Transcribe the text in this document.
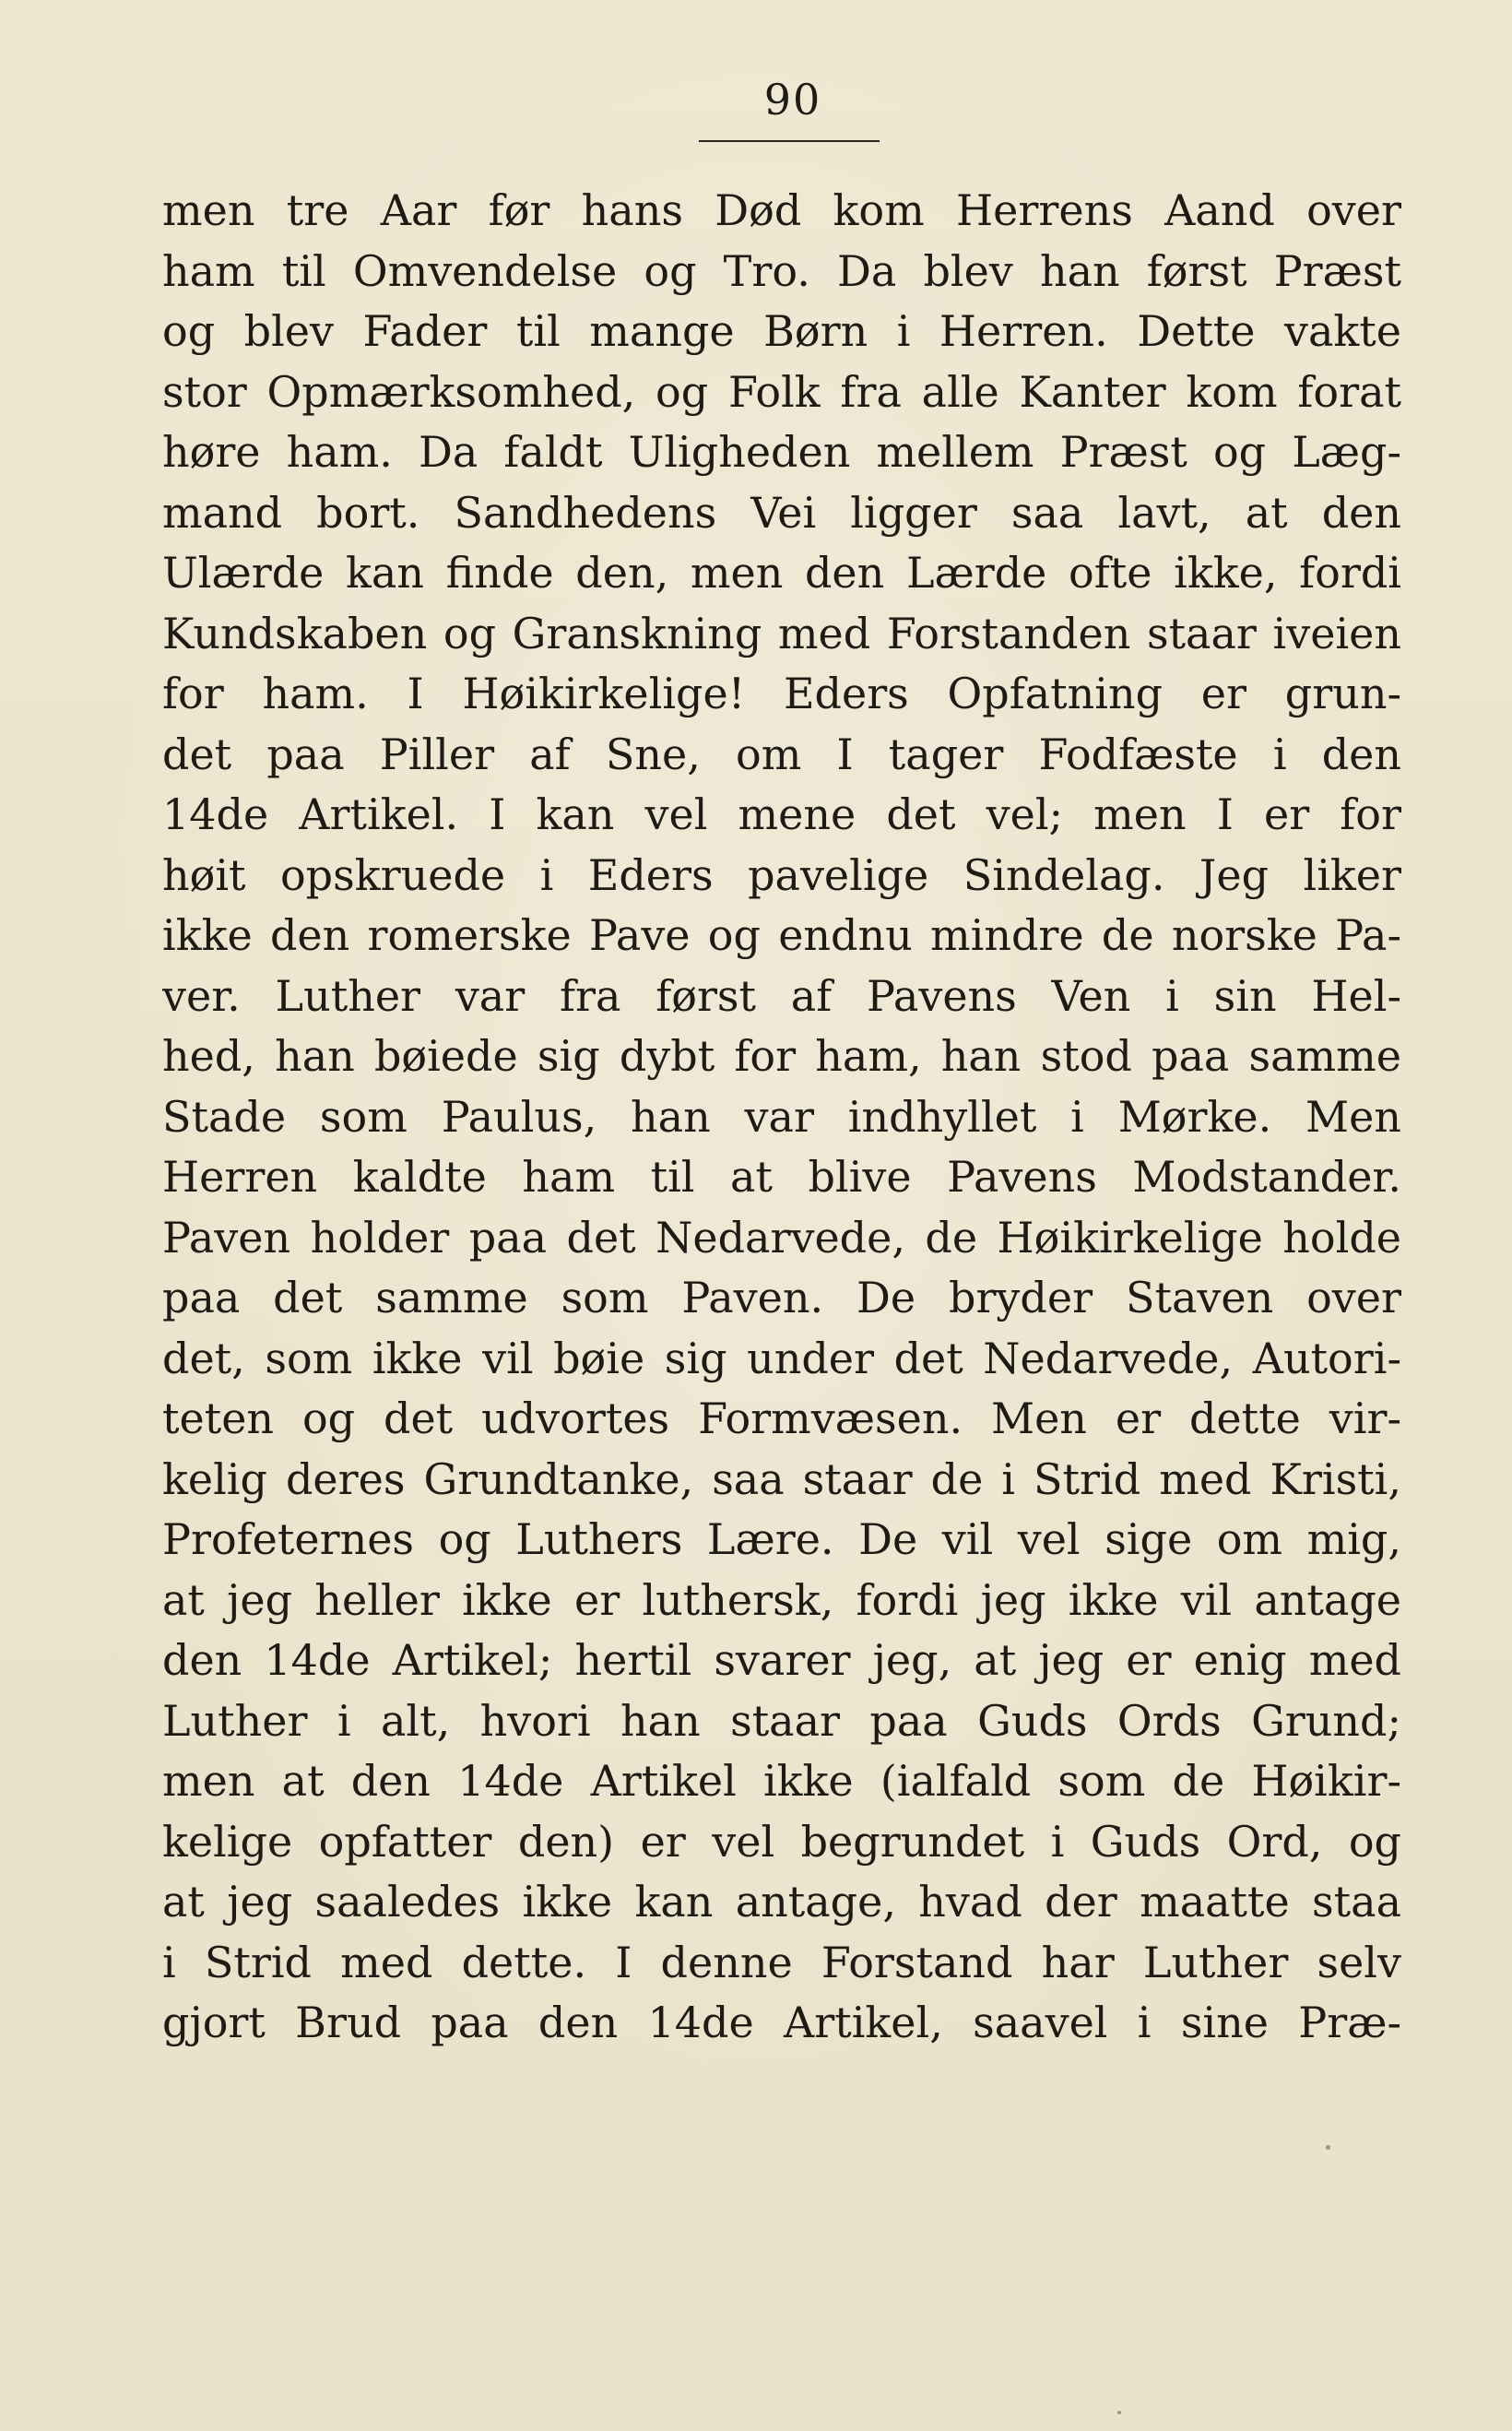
90
men tre Aar før hans Død kom Herrens Aand over
ham til Omvendelse og Tro. Da blev han først Præst
og blev Fader til mange Børn i Herren. Dette vakte
stor Opmærksomhed, og Folk fra alle Kanter kom forat
høre ham. Da faldt Uligheden mellem Præst og Læg-
mand bort. Sandhedens Vei ligger saa lavt, at den
Ulærde kan finde den, men den Lærde ofte ikke, fordi
Kundskaben og Granskning med Forstanden staar iveien
for ham. I Høikirkelige! Eders Opfatning er grun-
det paa Piller af Sne, om I tager Fodfæste i den
14de Artikel. I kan vel mene det vel; men I er for
høit opskruede i Eders pavelige Sindelag. Jeg liker
ikke den romerske Pave og endnu mindre de norske Pa-
ver. Luther var fra først af Pavens Ven i sin Hel-
hed, han bøiede sig dybt for ham, han stod paa samme
Stade som Paulus, han var indhyllet i Mørke. Men
Herren kaldte ham til at blive Pavens Modstander.
Paven holder paa det Nedarvede, de Høikirkelige holde
paa det samme som Paven. De bryder Staven over
det, som ikke vil bøie sig under det Nedarvede, Autori-
teten og det udvortes Formvæsen. Men er dette vir-
kelig deres Grundtanke, saa staar de i Strid med Kristi,
Profeternes og Luthers Lære. De vil vel sige om mig,
at jeg heller ikke er luthersk, fordi jeg ikke vil antage
den 14de Artikel; hertil svarer jeg, at jeg er enig med
Luther i alt, hvori han staar paa Guds Ords Grund;
men at den 14de Artikel ikke (ialfald som de Høikir-
kelige opfatter den) er vel begrundet i Guds Ord, og
at jeg saaledes ikke kan antage, hvad der maatte staa
i Strid med dette. I denne Forstand har Luther selv
gjort Brud paa den 14de Artikel, saavel i sine Præ-
